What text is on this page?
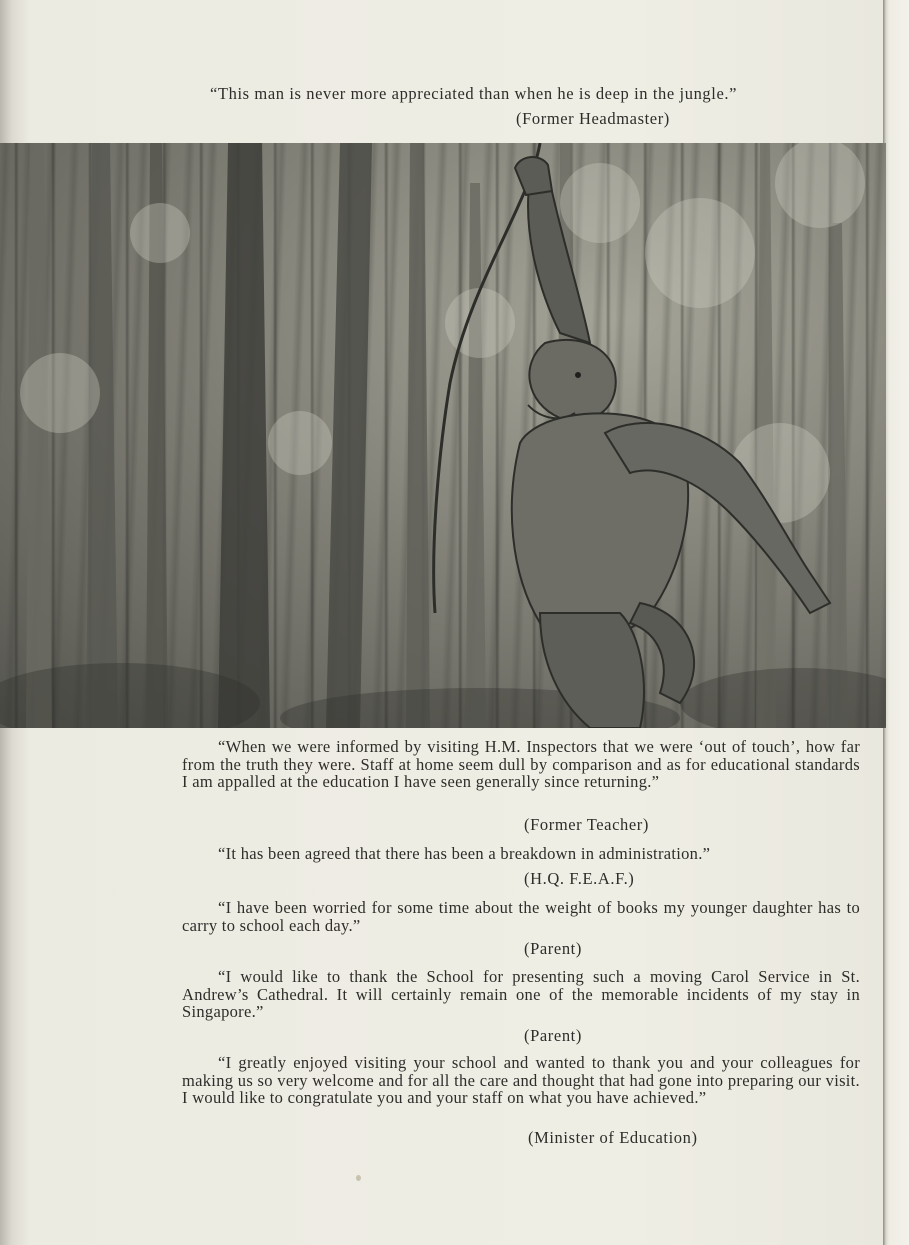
“This man is never more appreciated than when he is deep in the jungle.”
(Former Headmaster)

“When we were informed by visiting H.M. Inspectors that we were ‘out of touch’, how far from the truth they were. Staff at home seem dull by comparison and as for educational standards I am appalled at the education I have seen generally since returning.”

(Former Teacher)

“It has been agreed that there has been a breakdown in administration.”

(H.Q. F.E.A.F.)

“I have been worried for some time about the weight of books my younger daughter has to carry to school each day.”

(Parent)

“I would like to thank the School for presenting such a moving Carol Service in St. Andrew’s Cathedral. It will certainly remain one of the memorable incidents of my stay in Singapore.”

(Parent)

“I greatly enjoyed visiting your school and wanted to thank you and your colleagues for making us so very welcome and for all the care and thought that had gone into preparing our visit. I would like to congratulate you and your staff on what you have achieved.”

(Minister of Education)
